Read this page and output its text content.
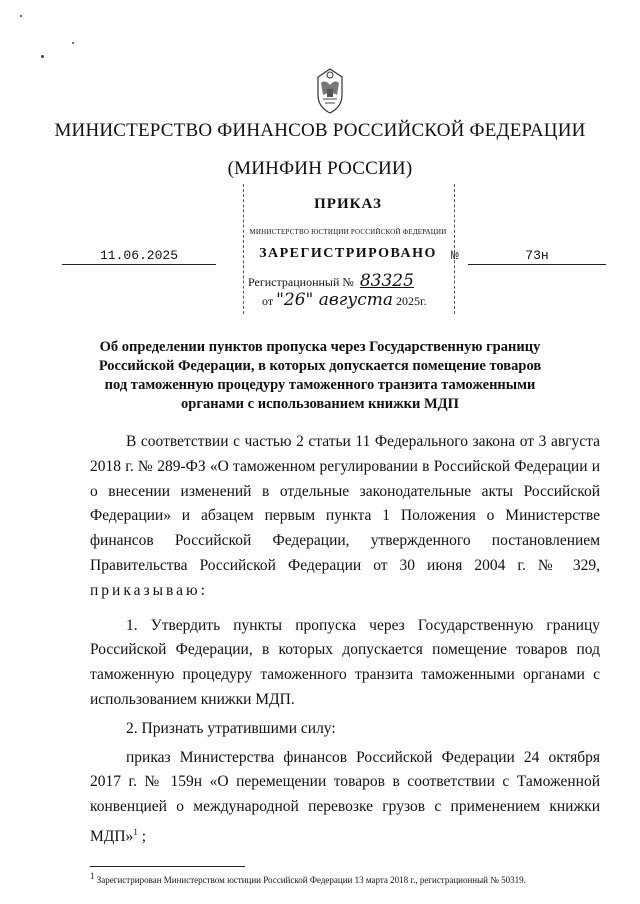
МИНИСТЕРСТВО ФИНАНСОВ РОССИЙСКОЙ ФЕДЕРАЦИИ
(МИНФИН РОССИИ)
ПРИКАЗ
МИНИСТЕРСТВО ЮСТИЦИИ РОССИЙСКОЙ ФЕДЕРАЦИИ
ЗАРЕГИСТРИРОВАНО
Регистрационный № 83325
от "26" августа 2025г.
11.06.2025	№	73н
Об определении пунктов пропуска через Государственную границу Российской Федерации, в которых допускается помещение товаров под таможенную процедуру таможенного транзита таможенными органами с использованием книжки МДП

В соответствии с частью 2 статьи 11 Федерального закона от 3 августа 2018 г. № 289-ФЗ «О таможенном регулировании в Российской Федерации и о внесении изменений в отдельные законодательные акты Российской Федерации» и абзацем первым пункта 1 Положения о Министерстве финансов Российской Федерации, утвержденного постановлением Правительства Российской Федерации от 30 июня 2004 г. № 329, приказываю:

1. Утвердить пункты пропуска через Государственную границу Российской Федерации, в которых допускается помещение товаров под таможенную процедуру таможенного транзита таможенными органами с использованием книжки МДП.

2. Признать утратившими силу:

приказ Министерства финансов Российской Федерации 24 октября 2017 г. № 159н «О перемещении товаров в соответствии с Таможенной конвенцией о международной перевозке грузов с применением книжки МДП»$^1$ ;

$^1$ Зарегистрирован Министерством юстиции Российской Федерации 13 марта 2018 г., регистрационный № 50319.
